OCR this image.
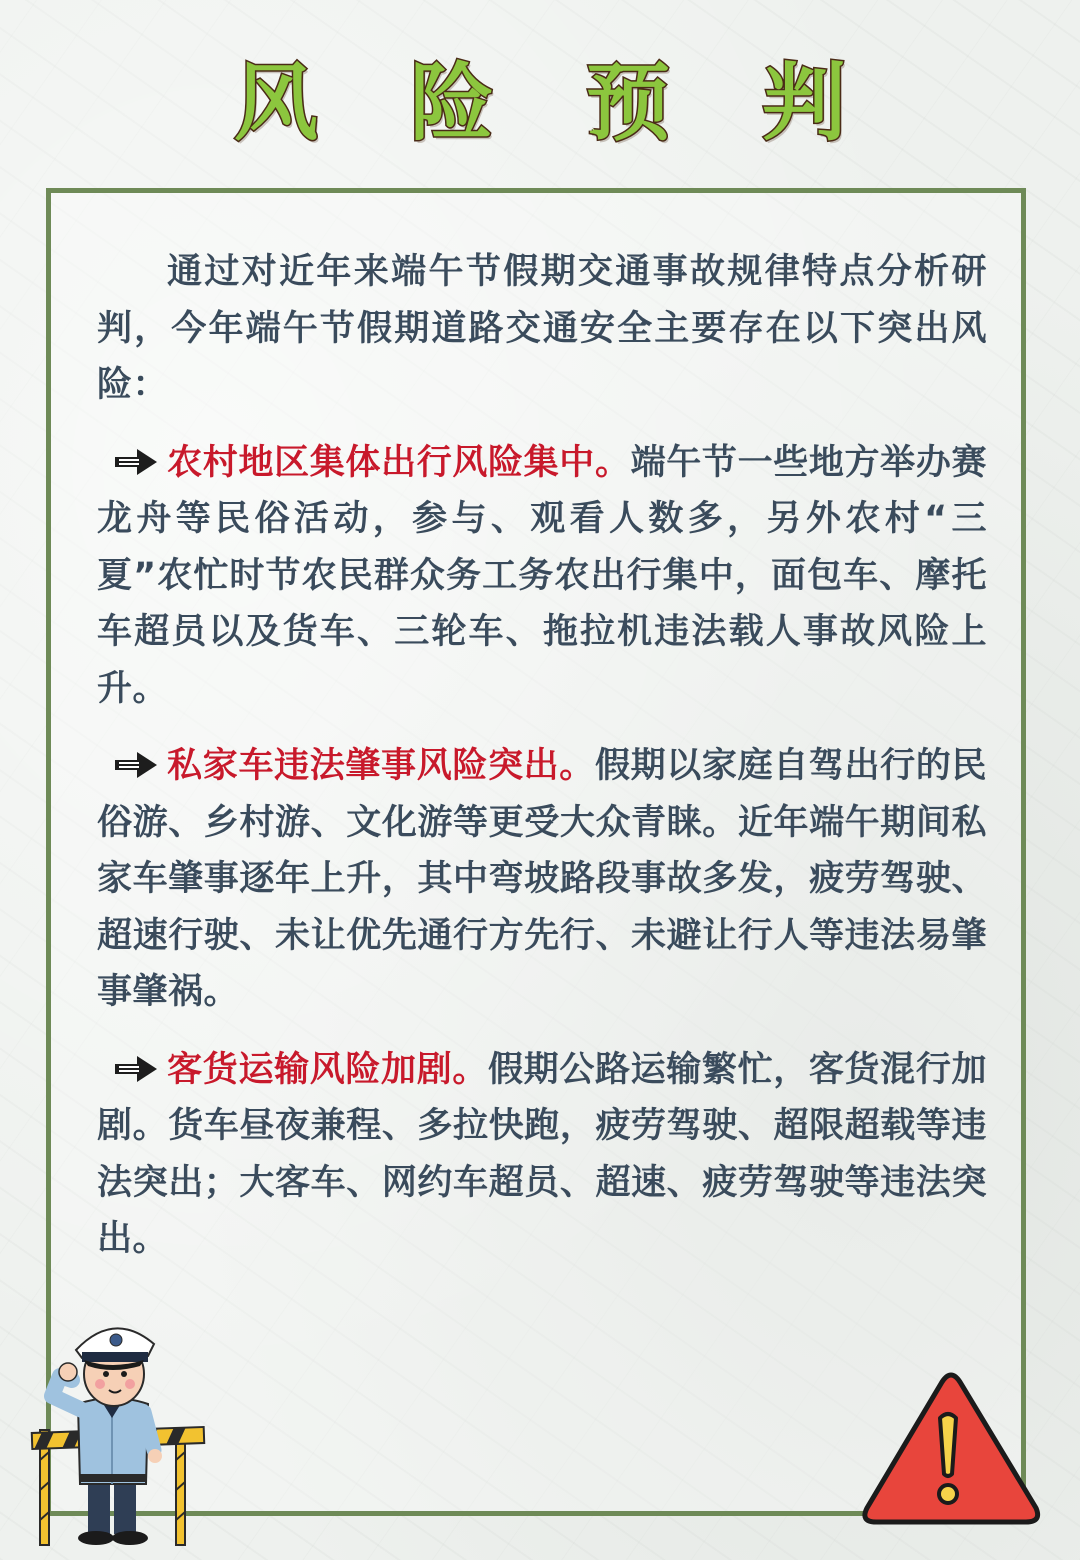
风	险	预	判

通过对近年来端午节假期交通事故规律特点分析研判，今年端午节假期道路交通安全主要存在以下突出风险：

农村地区集体出行风险集中。端午节一些地方举办赛龙舟等民俗活动，参与、观看人数多，另外农村“三夏”农忙时节农民群众务工务农出行集中，面包车、摩托车超员以及货车、三轮车、拖拉机违法载人事故风险上升。

私家车违法肇事风险突出。假期以家庭自驾出行的民俗游、乡村游、文化游等更受大众青睐。近年端午期间私家车肇事逐年上升，其中弯坡路段事故多发，疲劳驾驶、超速行驶、未让优先通行方先行、未避让行人等违法易肇事肇祸。

客货运输风险加剧。假期公路运输繁忙，客货混行加剧。货车昼夜兼程、多拉快跑，疲劳驾驶、超限超载等违法突出；大客车、网约车超员、超速、疲劳驾驶等违法突出。
